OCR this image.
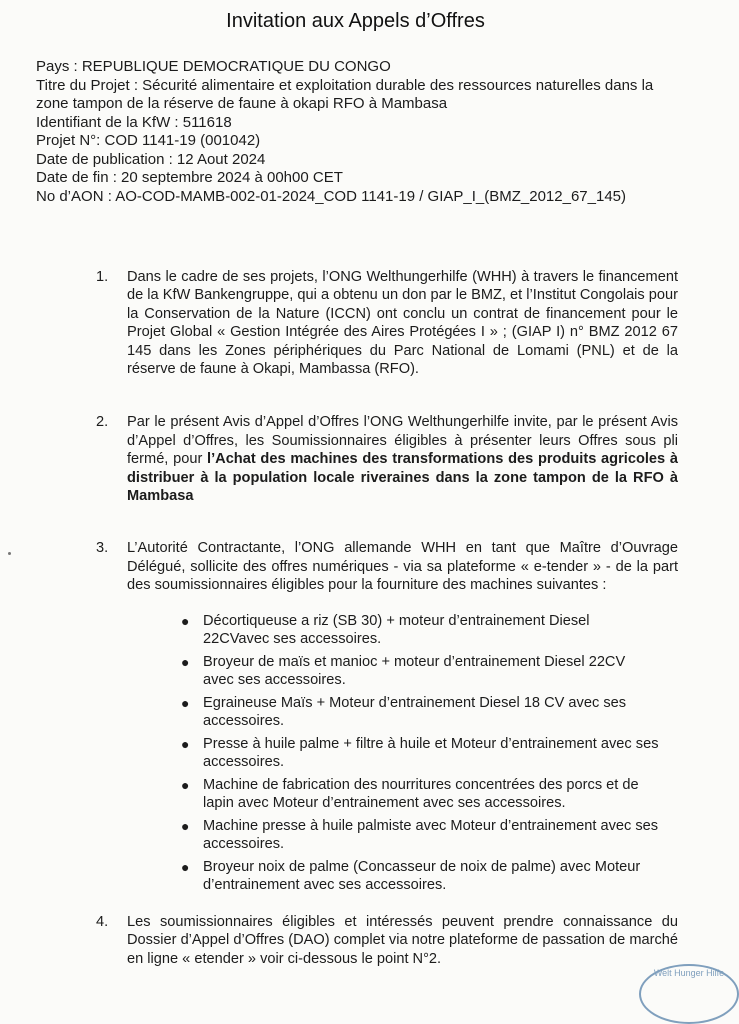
Invitation aux Appels d’Offres
Pays : REPUBLIQUE DEMOCRATIQUE DU CONGO
Titre du Projet : Sécurité alimentaire et exploitation durable des ressources naturelles dans la zone tampon de la réserve de faune à okapi RFO à Mambasa
Identifiant de la KfW : 511618
Projet N°: COD 1141-19 (001042)
Date de publication : 12 Aout 2024
Date de fin : 20 septembre 2024 à 00h00 CET
No d’AON : AO-COD-MAMB-002-01-2024_COD 1141-19 / GIAP_I_(BMZ_2012_67_145)
1. Dans le cadre de ses projets, l’ONG Welthungerhilfe (WHH) à travers le financement de la KfW Bankengruppe, qui a obtenu un don par le BMZ, et l’Institut Congolais pour la Conservation de la Nature (ICCN) ont conclu un contrat de financement pour le Projet Global « Gestion Intégrée des Aires Protégées I » ; (GIAP I) n° BMZ 2012 67 145 dans les Zones périphériques du Parc National de Lomami (PNL) et de la réserve de faune à Okapi, Mambassa (RFO).

2. Par le présent Avis d’Appel d’Offres l’ONG Welthungerhilfe invite, par le présent Avis d’Appel d’Offres, les Soumissionnaires éligibles à présenter leurs Offres sous pli fermé, pour l’Achat des machines des transformations des produits agricoles à distribuer à la population locale riveraines dans la zone tampon de la RFO à Mambasa

3. L’Autorité Contractante, l’ONG allemande WHH en tant que Maître d’Ouvrage Délégué, sollicite des offres numériques - via sa plateforme « e-tender » - de la part des soumissionnaires éligibles pour la fourniture des machines suivantes :

● Décortiqueuse a riz (SB 30) + moteur d’entrainement Diesel 22CVavec ses accessoires.
● Broyeur de maïs et manioc + moteur d’entrainement Diesel 22CV avec ses accessoires.
● Egraineuse Maïs + Moteur d’entrainement Diesel 18 CV avec ses accessoires.
● Presse à huile palme + filtre à huile et Moteur d’entrainement avec ses accessoires.
● Machine de fabrication des nourritures concentrées des porcs et de lapin avec Moteur d’entrainement avec ses accessoires.
● Machine presse à huile palmiste avec Moteur d’entrainement avec ses accessoires.
● Broyeur noix de palme (Concasseur de noix de palme) avec Moteur d’entrainement avec ses accessoires.
4. Les soumissionnaires éligibles et intéressés peuvent prendre connaissance du Dossier d’Appel d’Offres (DAO) complet via notre plateforme de passation de marché en ligne « etender » voir ci-dessous le point N°2.

Welt Hunger Hilfe
